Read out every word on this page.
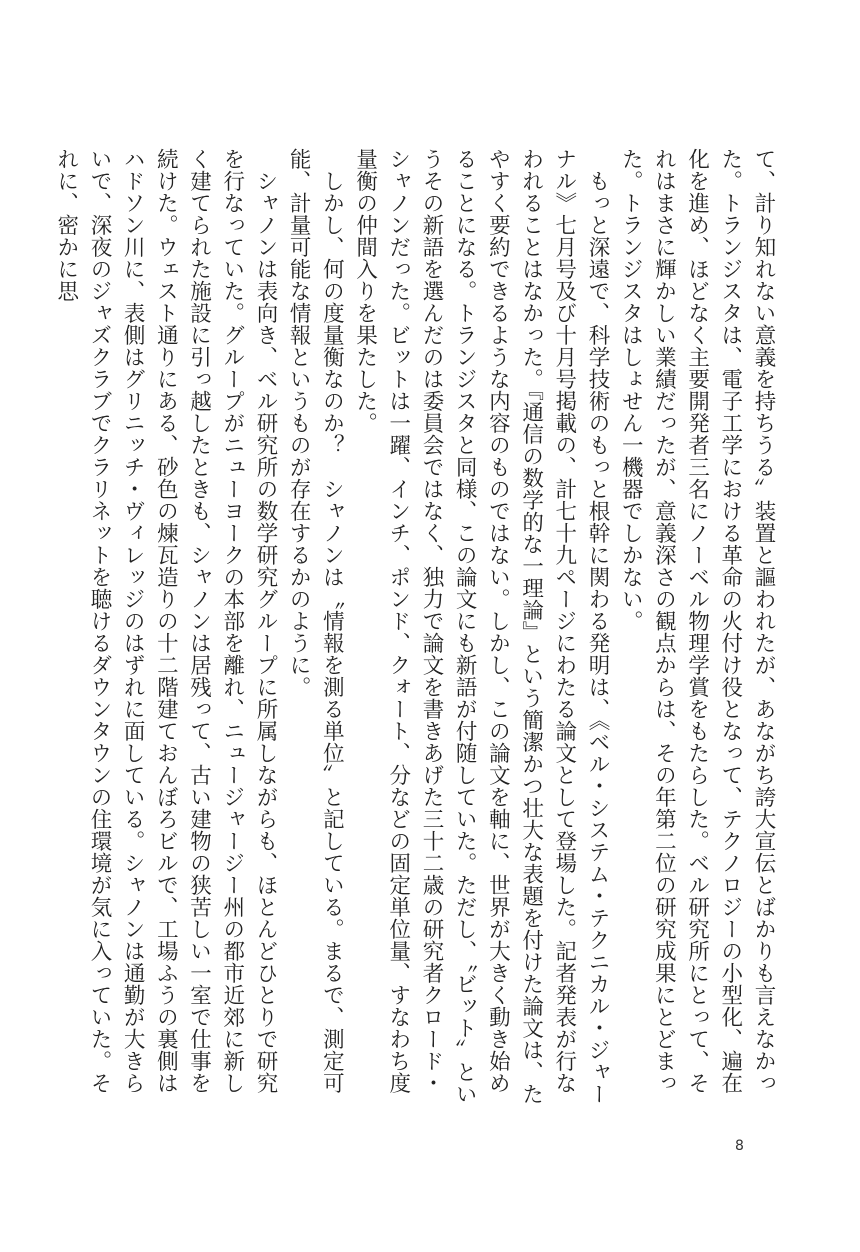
て、計り知れない意義を持ちうる〟装置と謳われたが、あながち誇大宣伝とばかりも言えなかった。トランジスタは、電子工学における革命の火付け役となって、テクノロジーの小型化、遍在化を進め、ほどなく主要開発者三名にノーベル物理学賞をもたらした。ベル研究所にとって、それはまさに輝かしい業績だったが、意義深さの観点からは、その年第二位の研究成果にとどまった。トランジスタはしょせん一機器でしかない。

もっと深遠で、科学技術のもっと根幹に関わる発明は、《ベル・システム・テクニカル・ジャーナル》七月号及び十月号掲載の、計七十九ページにわたる論文として登場した。記者発表が行なわれることはなかった。『通信の数学的な一理論』という簡潔かつ壮大な表題を付けた論文は、たやすく要約できるような内容のものではない。しかし、この論文を軸に、世界が大きく動き始めることになる。トランジスタと同様、この論文にも新語が付随していた。ただし、〝ビット〟というその新語を選んだのは委員会ではなく、独力で論文を書きあげた三十二歳の研究者クロード・シャノンだった。ビットは一躍、インチ、ポンド、クォート、分などの固定単位量、すなわち度量衡の仲間入りを果たした。

しかし、何の度量衡なのか？　シャノンは〝情報を測る単位〟と記している。まるで、測定可能、計量可能な情報というものが存在するかのように。

シャノンは表向き、ベル研究所の数学研究グループに所属しながらも、ほとんどひとりで研究を行なっていた。グループがニューヨークの本部を離れ、ニュージャージー州の都市近郊に新しく建てられた施設に引っ越したときも、シャノンは居残って、古い建物の狭苦しい一室で仕事を続けた。ウェスト通りにある、砂色の煉瓦造りの十二階建ておんぼろビルで、工場ふうの裏側はハドソン川に、表側はグリニッチ・ヴィレッジのはずれに面している。シャノンは通勤が大きらいで、深夜のジャズクラブでクラリネットを聴けるダウンタウンの住環境が気に入っていた。それに、密かに思

8
